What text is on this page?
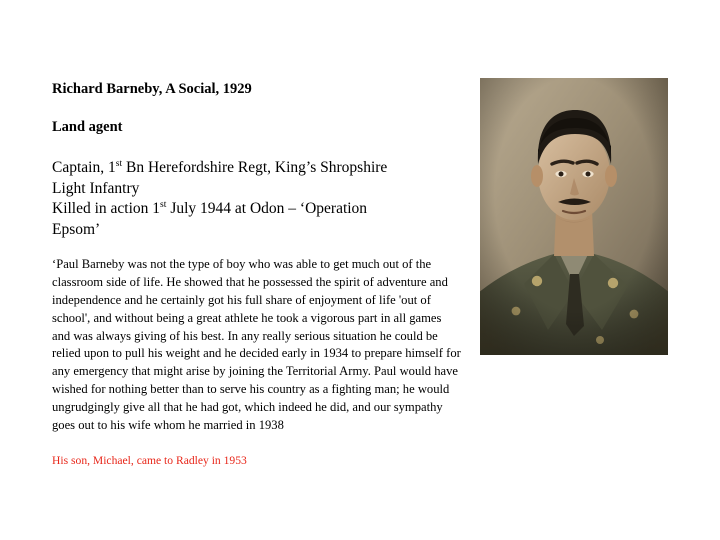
Richard Barneby, A Social, 1929

Land agent

Captain, 1st Bn Herefordshire Regt, King’s Shropshire
Light Infantry
Killed in action 1st July 1944 at Odon – ‘Operation
Epsom’

‘Paul Barneby was not the type of boy who was able to get much out of the classroom side of life. He showed that he possessed the spirit of adventure and independence and he certainly got his full share of enjoyment of life 'out of school', and without being a great athlete he took a vigorous part in all games and was always giving of his best. In any really serious situation he could be relied upon to pull his weight and he decided early in 1934 to prepare himself for any emergency that might arise by joining the Territorial Army. Paul would have wished for nothing better than to serve his country as a fighting man; he would ungrudgingly give all that he had got, which indeed he did, and our sympathy goes out to his wife whom he married in 1938

His son, Michael, came to Radley in 1953
